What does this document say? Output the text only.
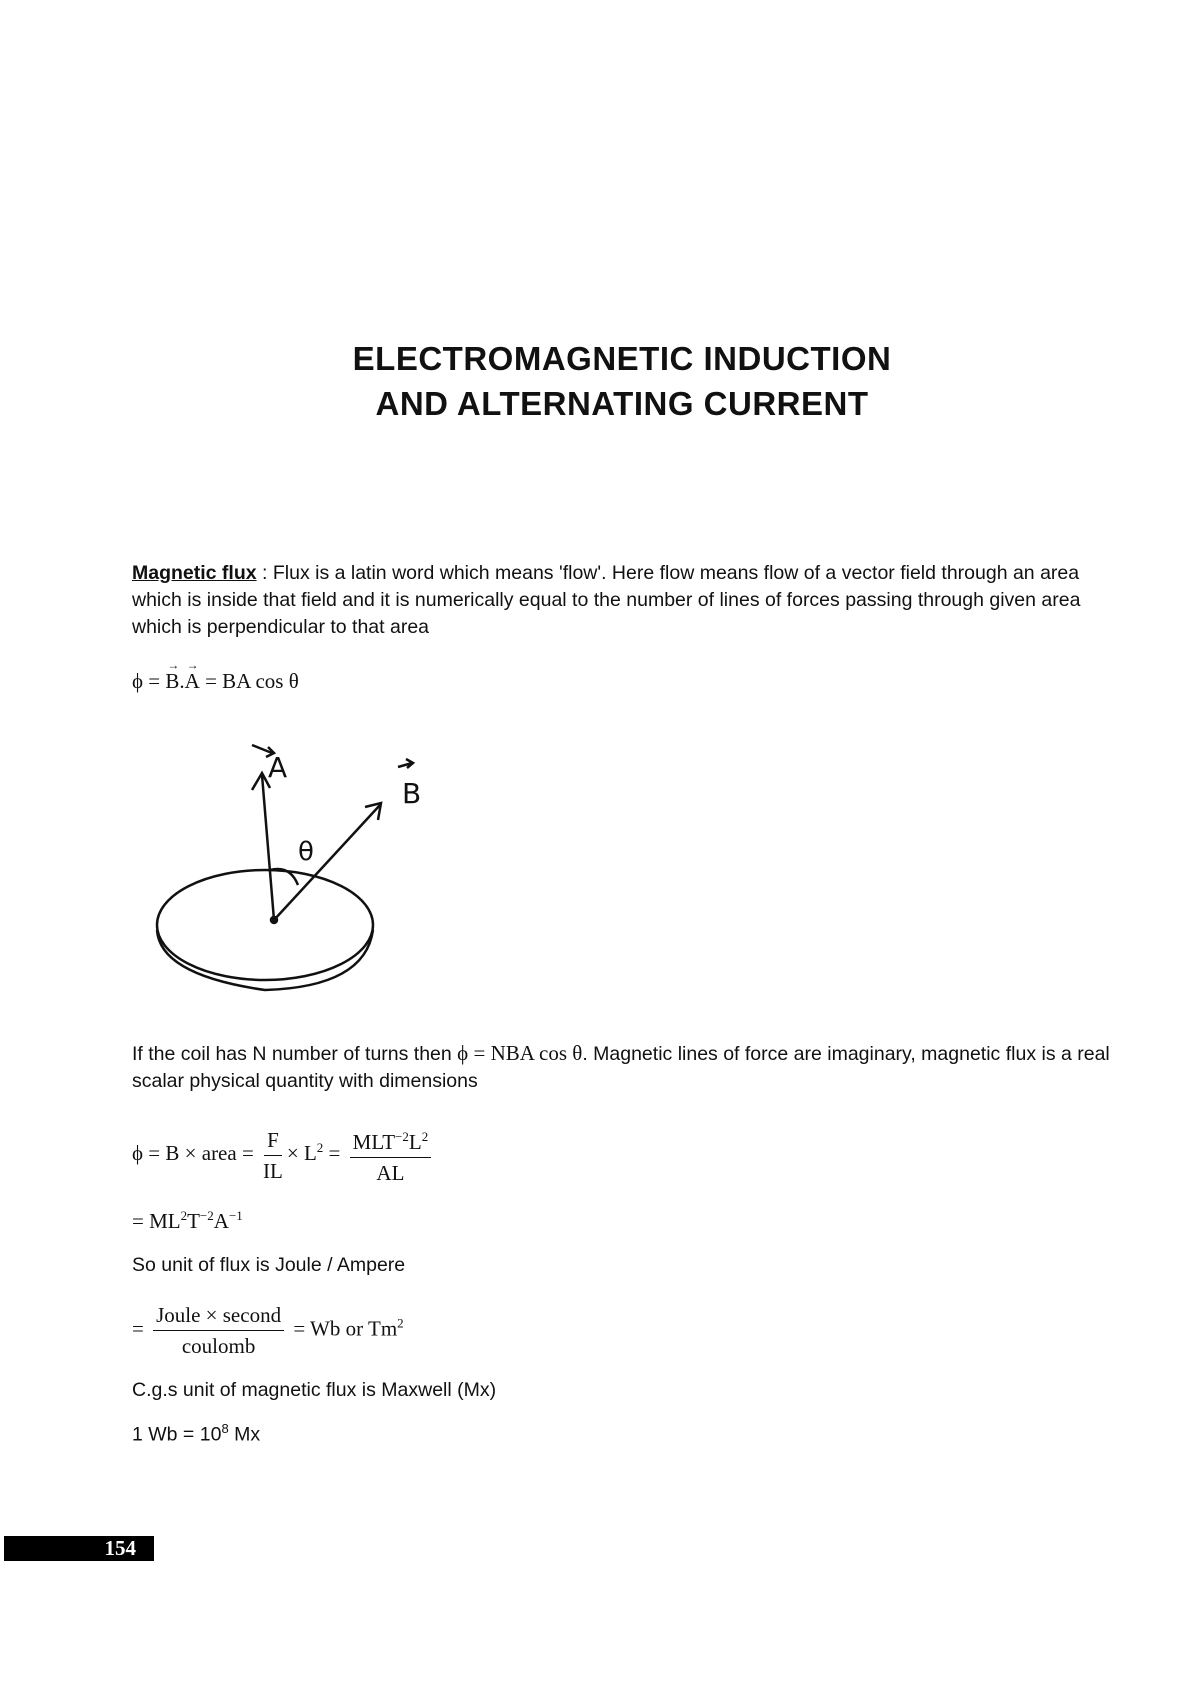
ELECTROMAGNETIC INDUCTION
AND ALTERNATING CURRENT
Magnetic flux : Flux is a latin word which means 'flow'. Here flow means flow of a vector field through an area which is inside that field and it is numerically equal to the number of lines of forces passing through given area which is perpendicular to that area
ϕ = → B.→ A = BA cos θ
A
B
θ
If the coil has N number of turns then ϕ = NBA cos θ. Magnetic lines of force are imaginary, magnetic flux is a real scalar physical quantity with dimensions
ϕ = B × area = $\frac{F}{IL} \times L^2 = \frac{MLT^{-2}L^2}{AL}$
= $ML^2T^{-2}A^{-1}$
So unit of flux is Joule / Ampere
= $\frac{\text{Joule × second}}{\text{coulomb}} = Wb$ or Tm$^2$
C.g.s unit of magnetic flux is Maxwell (Mx)
1 $Wb = 10^8$ Mx
154
